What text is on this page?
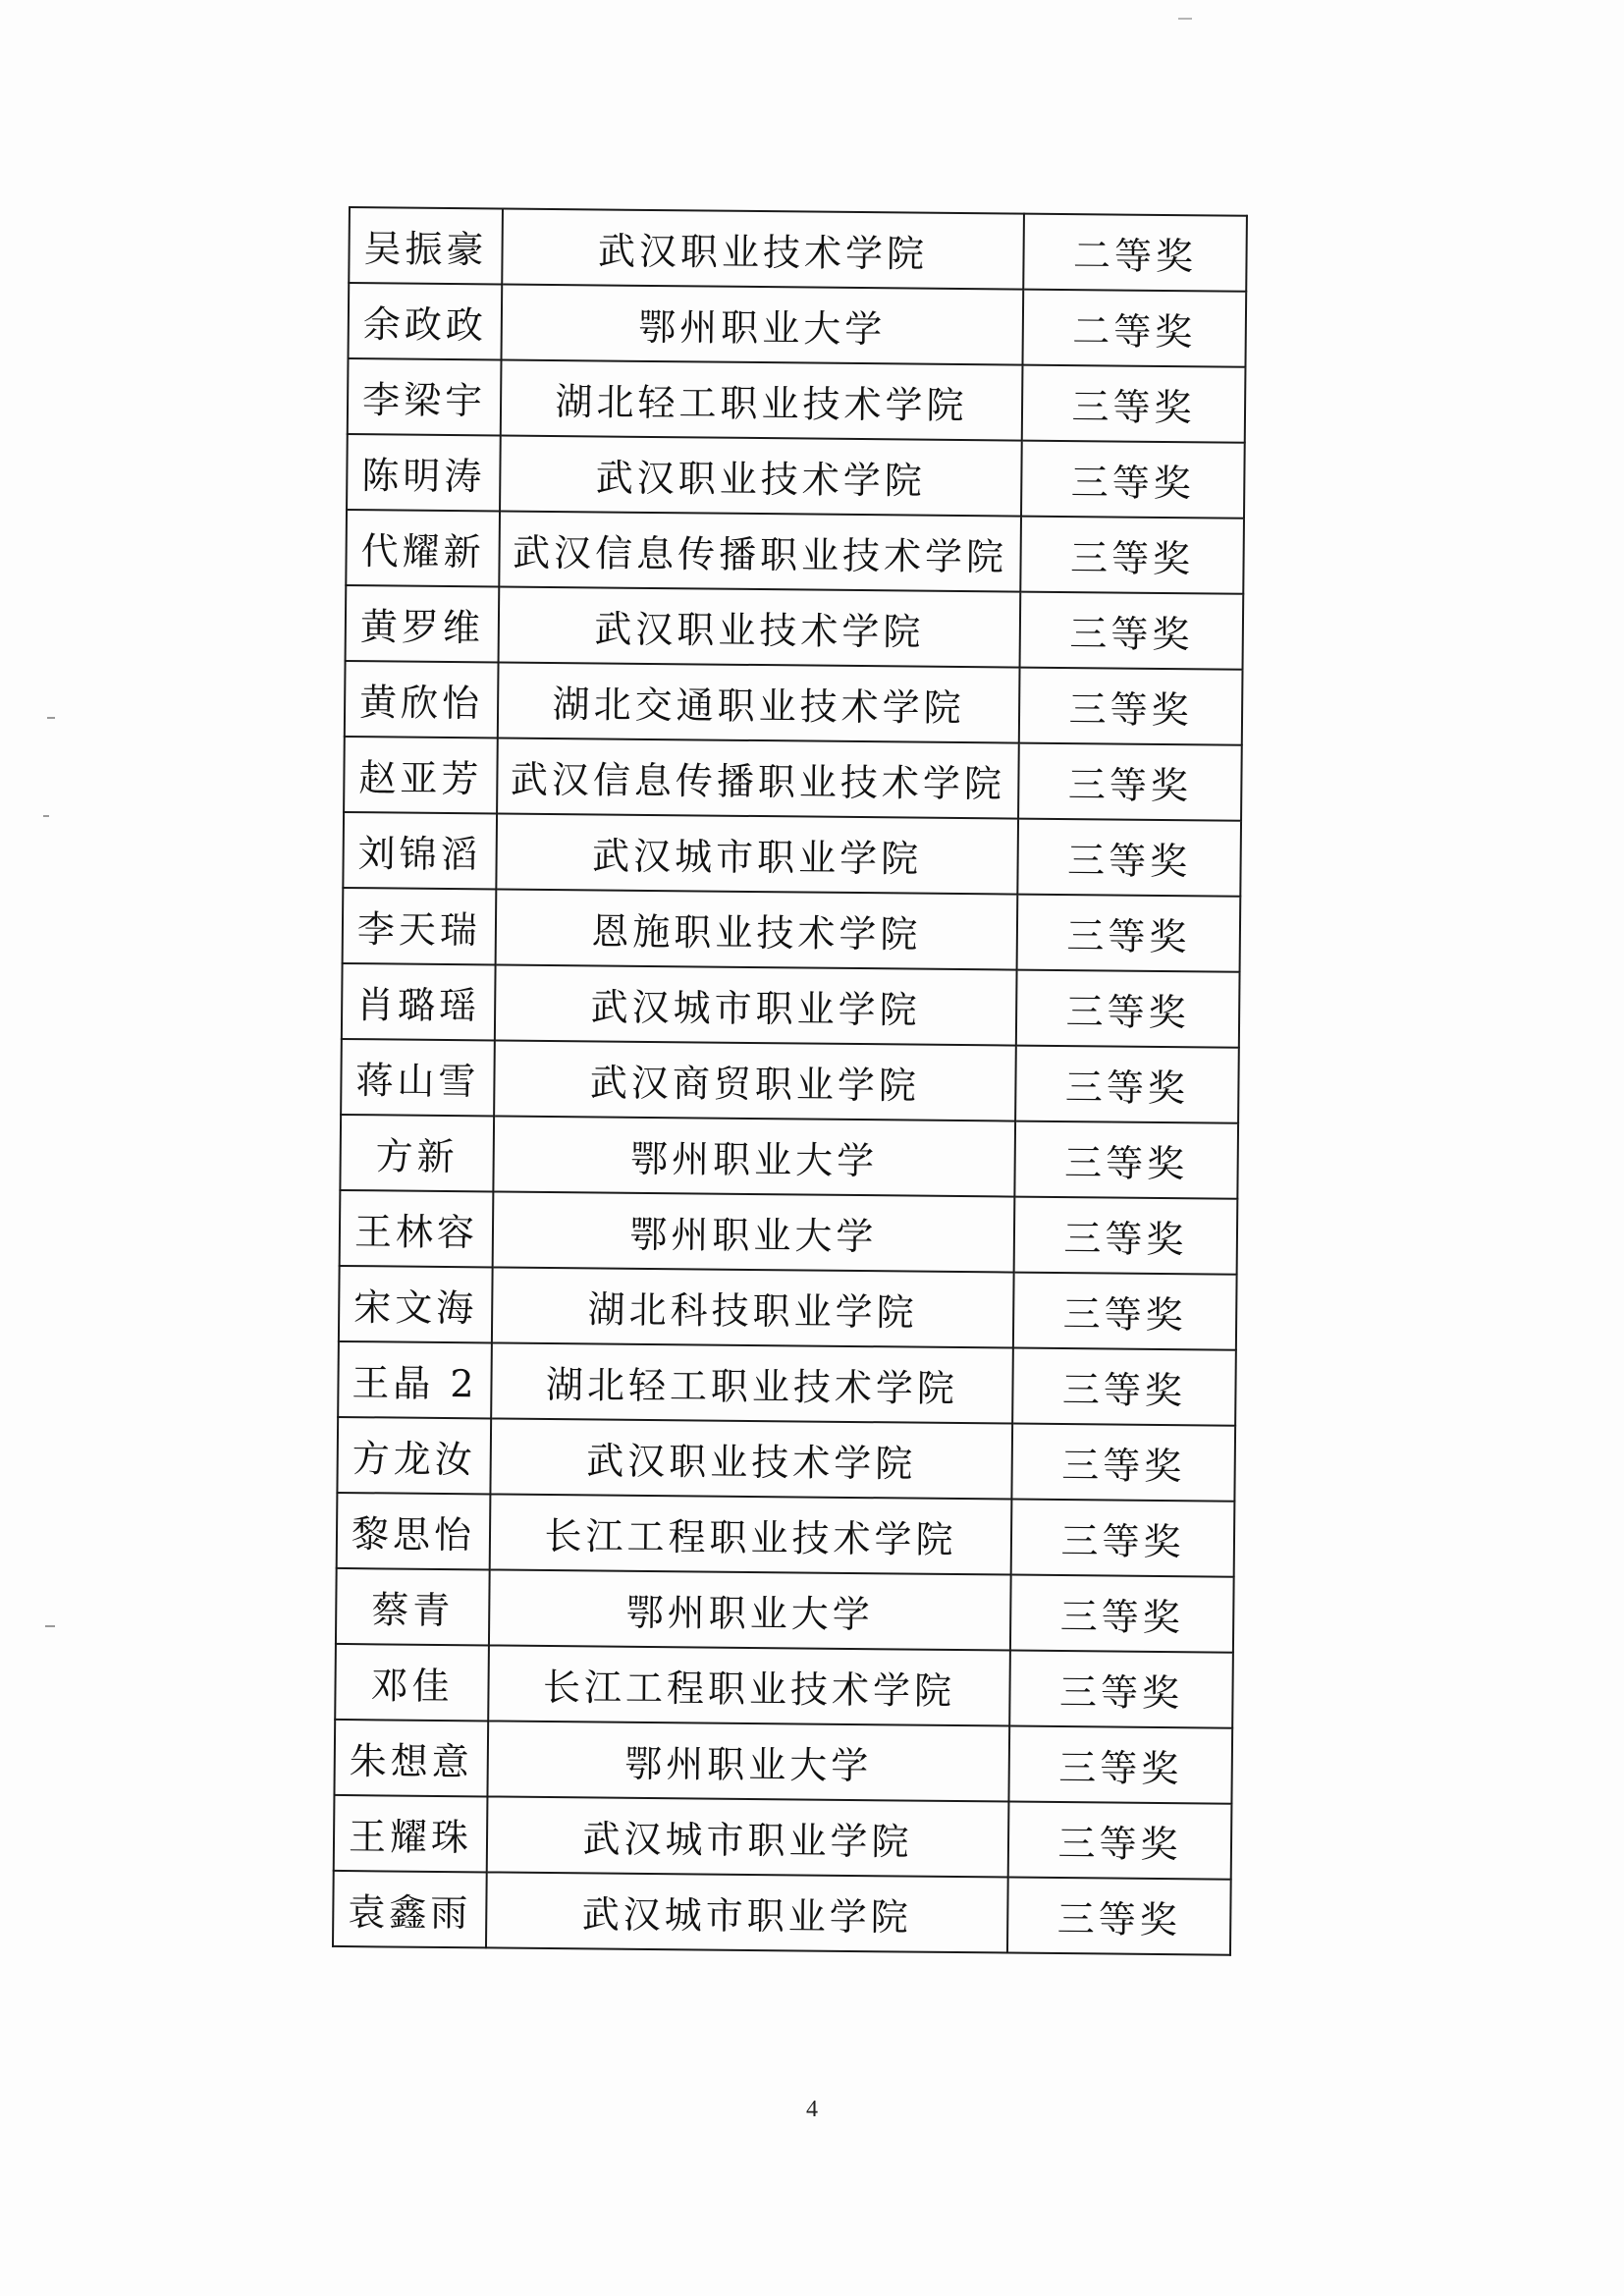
吴振豪	武汉职业技术学院	二等奖
余政政	鄂州职业大学	二等奖
李梁宇	湖北轻工职业技术学院	三等奖
陈明涛	武汉职业技术学院	三等奖
代耀新	武汉信息传播职业技术学院	三等奖
黄罗维	武汉职业技术学院	三等奖
黄欣怡	湖北交通职业技术学院	三等奖
赵亚芳	武汉信息传播职业技术学院	三等奖
刘锦滔	武汉城市职业学院	三等奖
李天瑞	恩施职业技术学院	三等奖
肖璐瑶	武汉城市职业学院	三等奖
蒋山雪	武汉商贸职业学院	三等奖
方新	鄂州职业大学	三等奖
王林容	鄂州职业大学	三等奖
宋文海	湖北科技职业学院	三等奖
王晶 2	湖北轻工职业技术学院	三等奖
方龙汝	武汉职业技术学院	三等奖
黎思怡	长江工程职业技术学院	三等奖
蔡青	鄂州职业大学	三等奖
邓佳	长江工程职业技术学院	三等奖
朱想意	鄂州职业大学	三等奖
王耀珠	武汉城市职业学院	三等奖
袁鑫雨	武汉城市职业学院	三等奖
4
